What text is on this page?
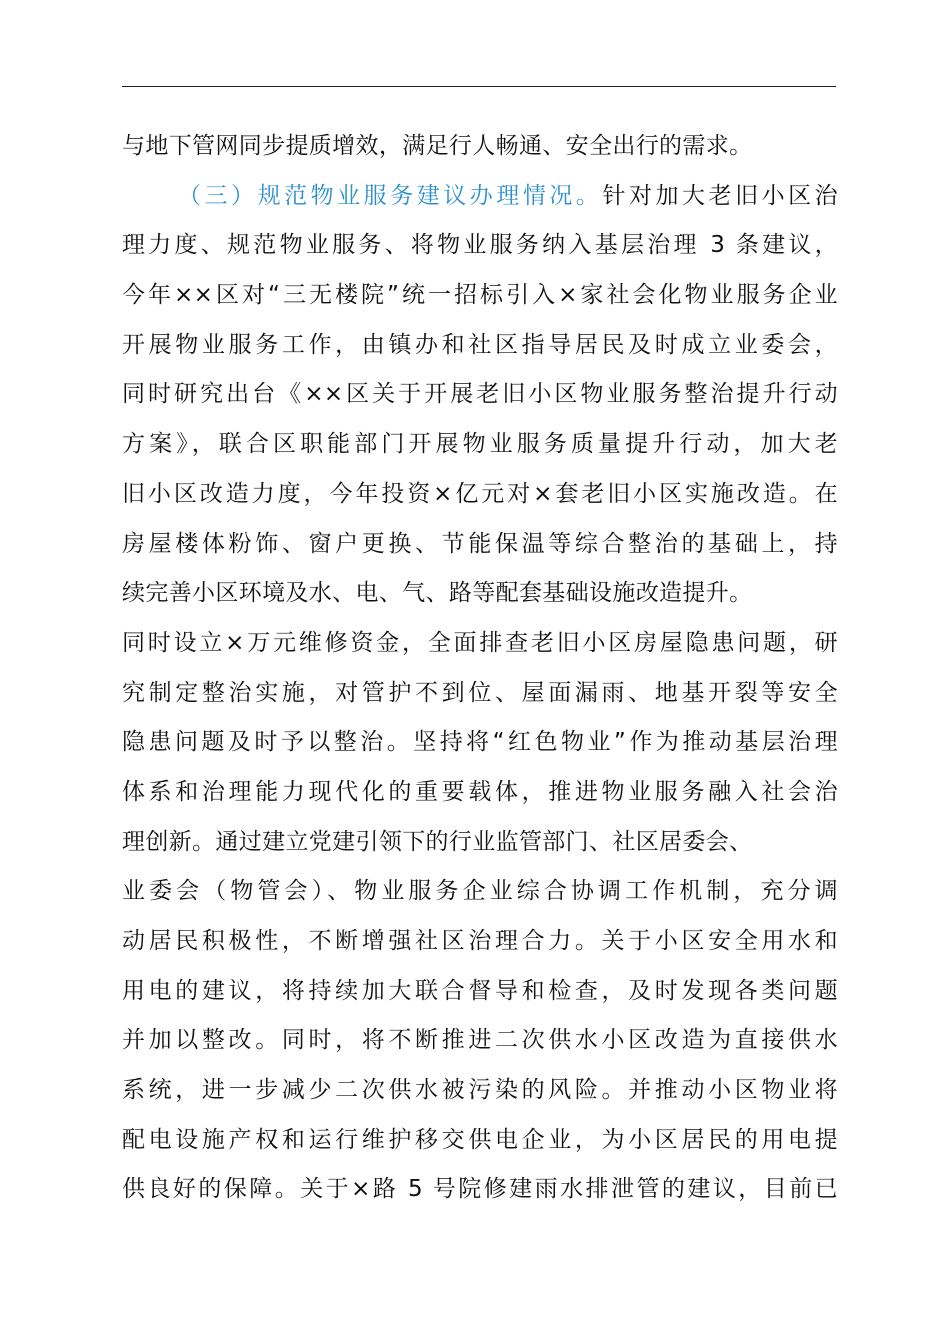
与地下管网同步提质增效，满足行人畅通、安全出行的需求。
（三）规范物业服务建议办理情况。针对加大老旧小区治
理力度、规范物业服务、将物业服务纳入基层治理 3 条建议，
今年××区对“三无楼院”统一招标引入×家社会化物业服务企业
开展物业服务工作，由镇办和社区指导居民及时成立业委会，
同时研究出台《××区关于开展老旧小区物业服务整治提升行动
方案》，联合区职能部门开展物业服务质量提升行动，加大老
旧小区改造力度，今年投资×亿元对×套老旧小区实施改造。在
房屋楼体粉饰、窗户更换、节能保温等综合整治的基础上，持
续完善小区环境及水、电、气、路等配套基础设施改造提升。
同时设立×万元维修资金，全面排查老旧小区房屋隐患问题，研
究制定整治实施，对管护不到位、屋面漏雨、地基开裂等安全
隐患问题及时予以整治。坚持将“红色物业”作为推动基层治理
体系和治理能力现代化的重要载体，推进物业服务融入社会治
理创新。通过建立党建引领下的行业监管部门、社区居委会、
业委会（物管会）、物业服务企业综合协调工作机制，充分调
动居民积极性，不断增强社区治理合力。关于小区安全用水和
用电的建议，将持续加大联合督导和检查，及时发现各类问题
并加以整改。同时，将不断推进二次供水小区改造为直接供水
系统，进一步减少二次供水被污染的风险。并推动小区物业将
配电设施产权和运行维护移交供电企业，为小区居民的用电提
供良好的保障。关于×路 5 号院修建雨水排泄管的建议，目前已
